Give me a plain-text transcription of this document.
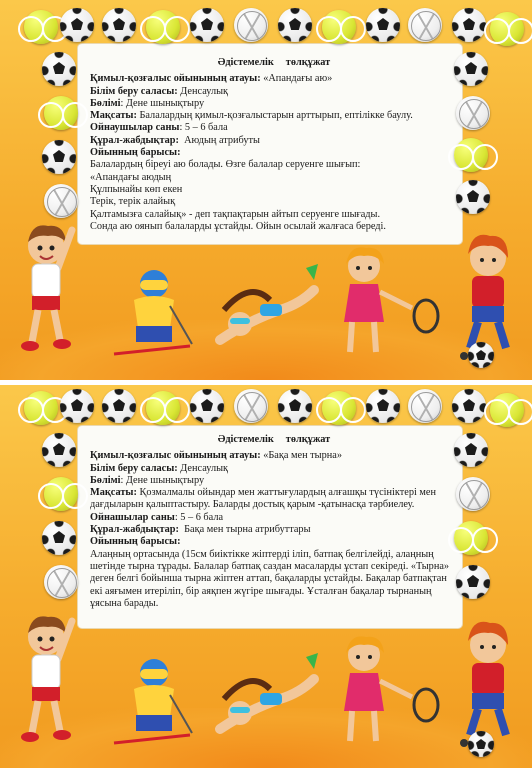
Әдістемелік төлқұжат

Қимыл-қозғалыс ойынының атауы: «Апандағы аю»

Білім беру саласы: Денсаулық

Бөлімі: Дене шынықтыру

Мақсаты: Балалардың қимыл-қозғалыстарын арттырып, ептілікке баулу.

Ойнаушылар саны: 5 – 6 бала

Құрал-жабдықтар: Аюдың атрибуты

Ойынның барысы:

Балалардың біреуі аю болады. Өзге балалар серуенге шығып:

«Апандағы аюдың

Құлпынайы көп екен

Терік, терік алайық

Қалтамызға салайық» - деп тақпақтарын айтып серуенге шығады.

Сонда аю оянып балаларды ұстайды. Ойын осылай жалғаса береді.

Әдістемелік төлқұжат

Қимыл-қозғалыс ойынының атауы: «Бақа мен тырна»

Білім беру саласы: Денсаулық

Бөлімі: Дене шынықтыру

Мақсаты: Қозмалмалы ойындар мен жаттығулардың алғашқы түсініктері мен дағдыларын қалыптастыру. Баларды достық қарым -қатынасқа тәрбиелеу.

Ойнашылар саны: 5 – 6 бала

Құрал-жабдықтар: Бақа мен тырна атрибуттары

Ойынның барысы:

Алаңның ортасында (15см биіктікке жіптерді іліп, батпақ белгілейді, алаңның шетінде тырна тұрады. Балалар батпақ саздан масаларды ұстап секіреді. «Тырна» деген белгі бойынша тырна жіптен аттап, бақаларды ұстайды. Бақалар батпақтан екі аяғымен итеріліп, бір аяқпен жүгіре шығады. Ұсталған бақалар тырнаның ұясына барады.
